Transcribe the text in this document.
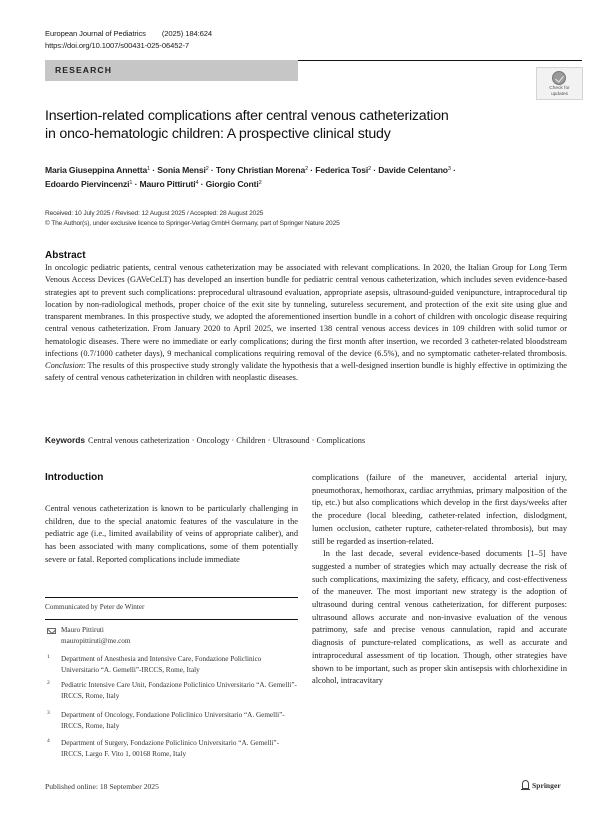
European Journal of Pediatrics (2025) 184:624
https://doi.org/10.1007/s00431-025-06452-7
RESEARCH
Check for
updates
Insertion-related complications after central venous catheterization
in onco-hematologic children: A prospective clinical study
Maria Giuseppina Annetta$^1$ · Sonia Mensi$^2$ · Tony Christian Morena$^2$ · Federica Tosi$^2$ · Davide Celentano$^3$ ·
Edoardo Piervincenzi$^1$ · Mauro Pittiruti$^4$ · Giorgio Conti$^2$
Received: 10 July 2025 / Revised: 12 August 2025 / Accepted: 28 August 2025
© The Author(s), under exclusive licence to Springer-Verlag GmbH Germany, part of Springer Nature 2025
Abstract
In oncologic pediatric patients, central venous catheterization may be associated with relevant complications. In 2020, the Italian Group for Long Term Venous Access Devices (GAVeCeLT) has developed an insertion bundle for pediatric central venous catheterization, which includes seven evidence-based strategies apt to prevent such complications: preprocedural ultrasound evaluation, appropriate asepsis, ultrasound-guided venipuncture, intraprocedural tip location by non-radiological methods, proper choice of the exit site by tunneling, sutureless securement, and protection of the exit site using glue and transparent membranes. In this prospective study, we adopted the aforementioned insertion bundle in a cohort of children with oncologic disease requiring central venous catheterization. From January 2020 to April 2025, we inserted 138 central venous access devices in 109 children with solid tumor or hematologic diseases. There were no immediate or early complications; during the first month after insertion, we recorded 3 catheter-related bloodstream infections (0.7/1000 catheter days), 9 mechanical complications requiring removal of the device (6.5%), and no symptomatic catheter-related thrombosis. Conclusion: The results of this prospective study strongly validate the hypothesis that a well-designed insertion bundle is highly effective in optimizing the safety of central venous catheterization in children with neoplastic diseases.
Keywords Central venous catheterization · Oncology · Children · Ultrasound · Complications
Introduction
Central venous catheterization is known to be particularly challenging in children, due to the special anatomic features of the vasculature in the pediatric age (i.e., limited availability of veins of appropriate caliber), and has been associated with many complications, some of them potentially severe or fatal. Reported complications include immediate

complications (failure of the maneuver, accidental arterial injury, pneumothorax, hemothorax, cardiac arrythmias, primary malposition of the tip, etc.) but also complications which develop in the first days/weeks after the procedure (local bleeding, catheter-related infection, dislodgment, lumen occlusion, catheter rupture, catheter-related thrombosis), but may still be regarded as insertion-related.

In the last decade, several evidence-based documents [1–5] have suggested a number of strategies which may actually decrease the risk of such complications, maximizing the safety, efficacy, and cost-effectiveness of the maneuver. The most important new strategy is the adoption of ultrasound during central venous catheterization, for different purposes: ultrasound allows accurate and non-invasive evaluation of the venous patrimony, safe and precise venous cannulation, rapid and accurate diagnosis of puncture-related complications, as well as accurate and intraprocedural assessment of tip location. Though, other strategies have shown to be important, such as proper skin antisepsis with chlorhexidine in alcohol, intracavitary

Communicated by Peter de Winter
Mauro Pittiruti
mauropittiruti@me.com
1 Department of Anesthesia and Intensive Care, Fondazione Policlinico Universitario “A. Gemelli”-IRCCS, Rome, Italy
2 Pediatric Intensive Care Unit, Fondazione Policlinico Universitario “A. Gemelli”-IRCCS, Rome, Italy
3 Department of Oncology, Fondazione Policlinico Universitario “A. Gemelli”-IRCCS, Rome, Italy
4 Department of Surgery, Fondazione Policlinico Universitario “A. Gemelli”-IRCCS, Largo F. Vito 1, 00168 Rome, Italy
Published online: 18 September 2025	Springer
